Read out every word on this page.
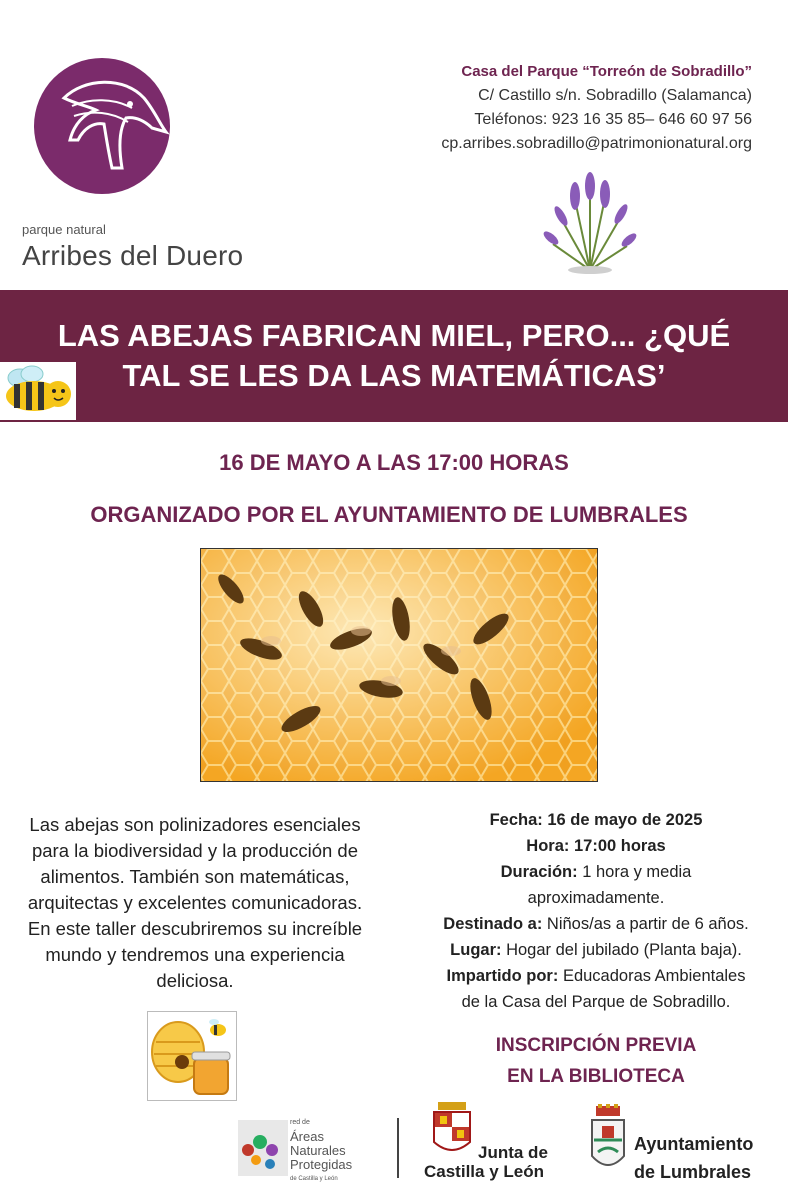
parque natural
Arribes del Duero
Casa del Parque “Torreón de Sobradillo”
C/ Castillo s/n. Sobradillo (Salamanca)
Teléfonos: 923 16 35 85– 646 60 97 56
cp.arribes.sobradillo@patrimonionatural.org
LAS ABEJAS FABRICAN MIEL, PERO... ¿QUÉ
TAL SE LES DA LAS MATEMÁTICAS’
16 DE MAYO A LAS 17:00 HORAS
ORGANIZADO POR EL AYUNTAMIENTO DE LUMBRALES
Las abejas son polinizadores esenciales
para la biodiversidad y la producción de
alimentos. También son matemáticas,
arquitectas y excelentes comunicadoras.
En este taller descubriremos su increíble
mundo y tendremos una experiencia
deliciosa.
Fecha: 16 de mayo de 2025
Hora: 17:00 horas
Duración: 1 hora y media
aproximadamente.
Destinado a: Niños/as a partir de 6 años.
Lugar: Hogar del jubilado (Planta baja).
Impartido por: Educadoras Ambientales
de la Casa del Parque de Sobradillo.
INSCRIPCIÓN PREVIA
EN LA BIBLIOTECA
red de
Áreas
Naturales
Protegidas
de Castilla y León
Junta de
Castilla y León
Ayuntamiento
de Lumbrales
